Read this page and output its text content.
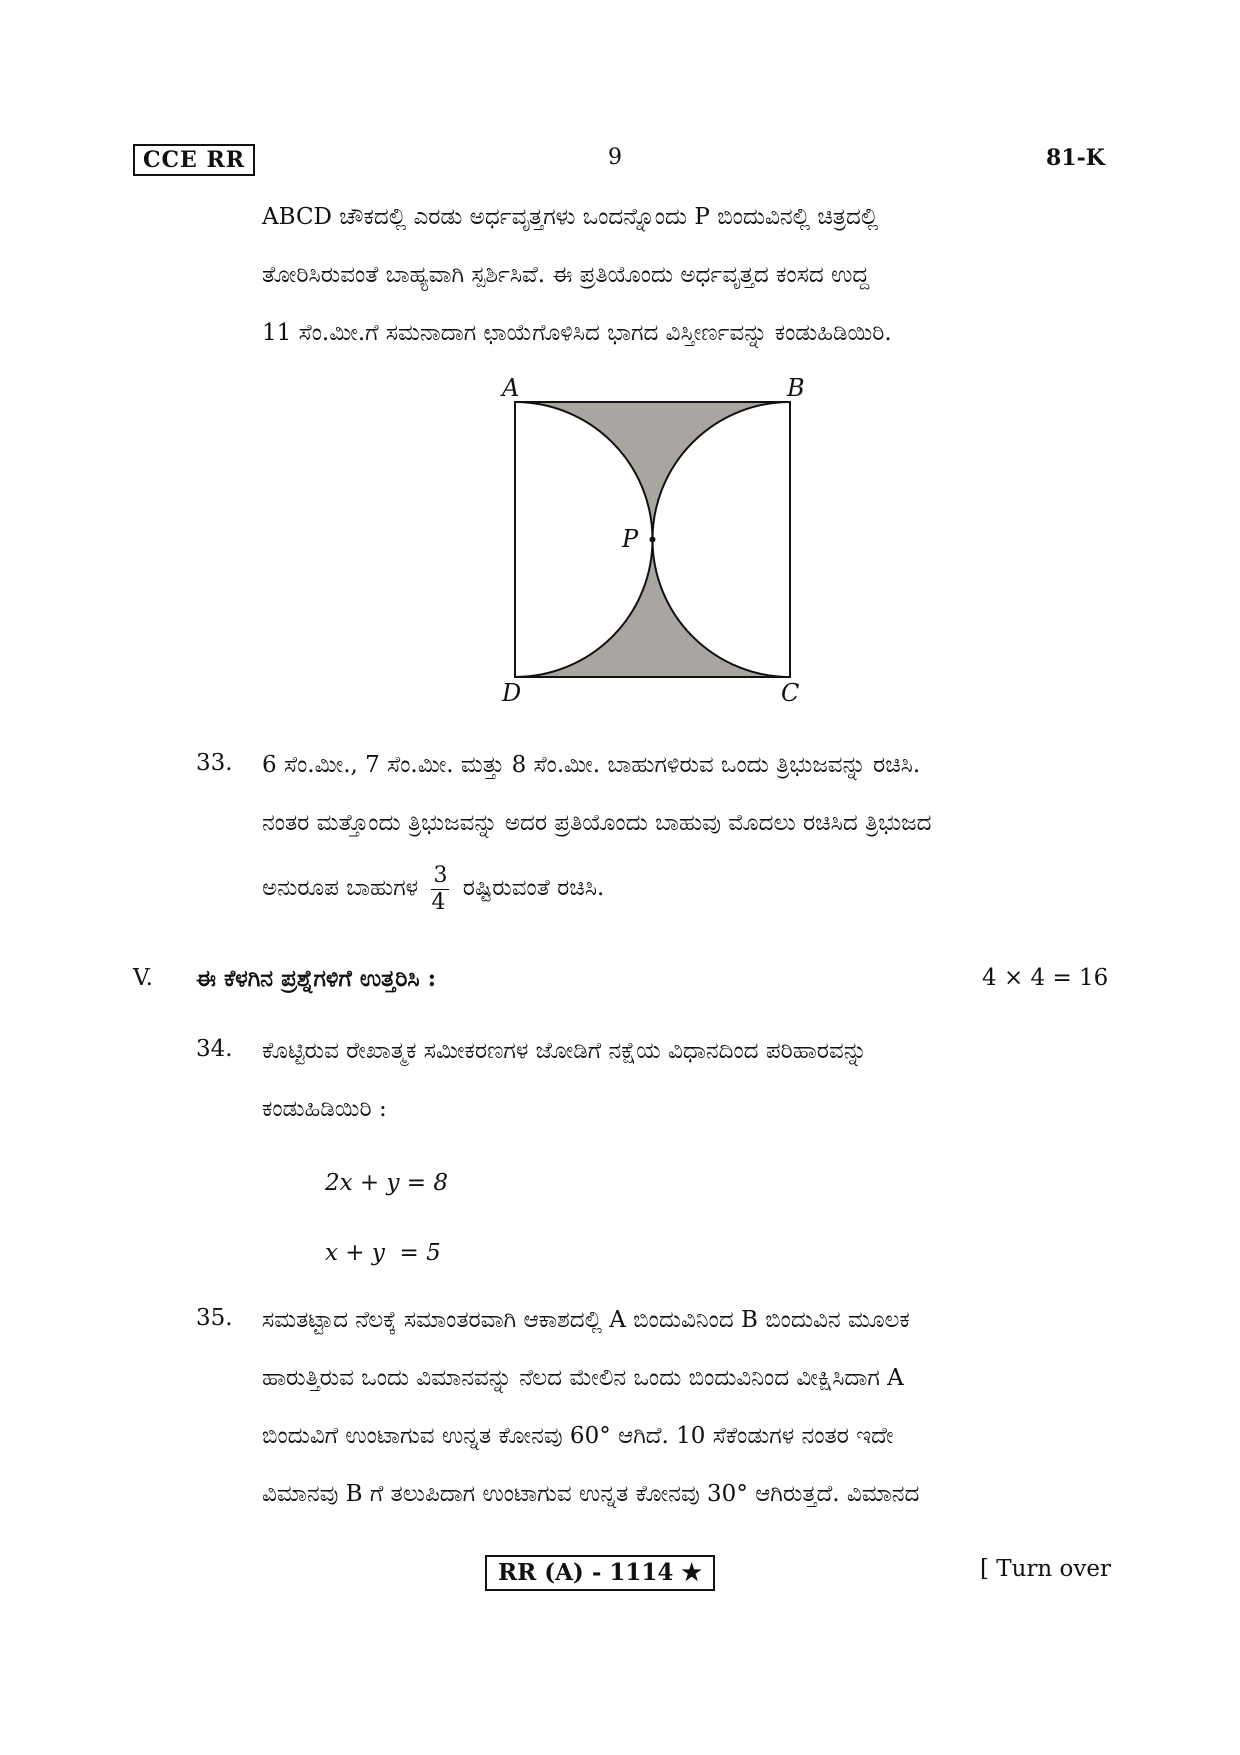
CCE RR	9	81-K
ABCD ಚೌಕದಲ್ಲಿ ಎರಡು ಅರ್ಧವೃತ್ತಗಳು ಒಂದನ್ನೊಂದು P ಬಿಂದುವಿನಲ್ಲಿ ಚಿತ್ರದಲ್ಲಿ
ತೋರಿಸಿರುವಂತೆ ಬಾಹ್ಯವಾಗಿ ಸ್ಪರ್ಶಿಸಿವೆ. ಈ ಪ್ರತಿಯೊಂದು ಅರ್ಧವೃತ್ತದ ಕಂಸದ ಉದ್ದ
11 ಸೆಂ.ಮೀ.ಗೆ ಸಮನಾದಾಗ ಛಾಯೆಗೊಳಿಸಿದ ಭಾಗದ ವಿಸ್ತೀರ್ಣವನ್ನು ಕಂಡುಹಿಡಿಯಿರಿ.
A	B
D	C
P
33. 6 ಸೆಂ.ಮೀ., 7 ಸೆಂ.ಮೀ. ಮತ್ತು 8 ಸೆಂ.ಮೀ. ಬಾಹುಗಳಿರುವ ಒಂದು ತ್ರಿಭುಜವನ್ನು ರಚಿಸಿ.
ನಂತರ ಮತ್ತೊಂದು ತ್ರಿಭುಜವನ್ನು ಅದರ ಪ್ರತಿಯೊಂದು ಬಾಹುವು ಮೊದಲು ರಚಿಸಿದ ತ್ರಿಭುಜದ
ಅನುರೂಪ ಬಾಹುಗಳ $\frac{3}{4}$ ರಷ್ಟಿರುವಂತೆ ರಚಿಸಿ.
V. ಈ ಕೆಳಗಿನ ಪ್ರಶ್ನೆಗಳಿಗೆ ಉತ್ತರಿಸಿ :	4 × 4 = 16
34. ಕೊಟ್ಟಿರುವ ರೇಖಾತ್ಮಕ ಸಮೀಕರಣಗಳ ಜೋಡಿಗೆ ನಕ್ಷೆಯ ವಿಧಾನದಿಂದ ಪರಿಹಾರವನ್ನು
ಕಂಡುಹಿಡಿಯಿರಿ :
2x + y = 8
x + y  = 5
35. ಸಮತಟ್ಟಾದ ನೆಲಕ್ಕೆ ಸಮಾಂತರವಾಗಿ ಆಕಾಶದಲ್ಲಿ A ಬಿಂದುವಿನಿಂದ B ಬಿಂದುವಿನ ಮೂಲಕ
ಹಾರುತ್ತಿರುವ ಒಂದು ವಿಮಾನವನ್ನು ನೆಲದ ಮೇಲಿನ ಒಂದು ಬಿಂದುವಿನಿಂದ ವೀಕ್ಷಿಸಿದಾಗ A
ಬಿಂದುವಿಗೆ ಉಂಟಾಗುವ ಉನ್ನತ ಕೋನವು 60° ಆಗಿದೆ. 10 ಸೆಕೆಂಡುಗಳ ನಂತರ ಇದೇ
ವಿಮಾನವು B ಗೆ ತಲುಪಿದಾಗ ಉಂಟಾಗುವ ಉನ್ನತ ಕೋನವು 30° ಆಗಿರುತ್ತದೆ. ವಿಮಾನದ
RR (A) - 1114 ★	[ Turn over
